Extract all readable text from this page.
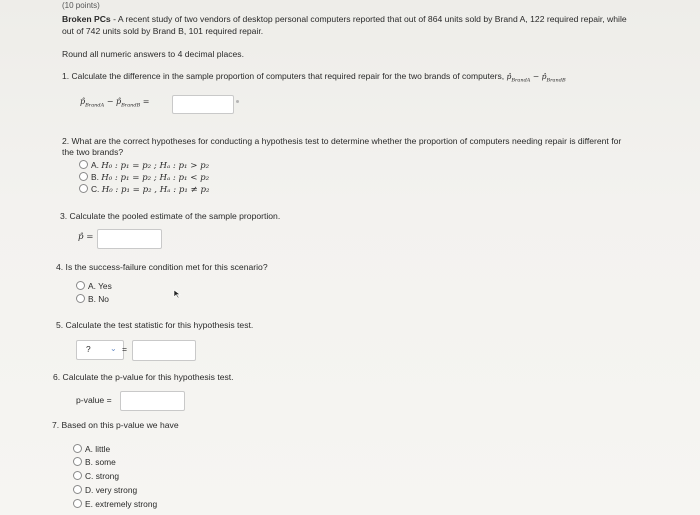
(10 points)
Broken PCs - A recent study of two vendors of desktop personal computers reported that out of 864 units sold by Brand A, 122 required repair, while
out of 742 units sold by Brand B, 101 required repair.
Round all numeric answers to 4 decimal places.
1. Calculate the difference in the sample proportion of computers that required repair for the two brands of computers, $p̂_{BrandA}$ − $p̂_{BrandB}$
$p̂_{BrandA}$ − $p̂_{BrandB}$ =
2. What are the correct hypotheses for conducting a hypothesis test to determine whether the proportion of computers needing repair is different for
the two brands?
A. H₀ : p₁ = p₂ ; Hₐ : p₁ > p₂
B. H₀ : p₁ = p₂ ; Hₐ : p₁ < p₂
C. H₀ : p₁ = p₂ , Hₐ : p₁ ≠ p₂
3. Calculate the pooled estimate of the sample proportion.
p̂ =
4. Is the success-failure condition met for this scenario?
A. Yes
B. No
5. Calculate the test statistic for this hypothesis test.
? ⌄ =
6. Calculate the p-value for this hypothesis test.
p-value =
7. Based on this p-value we have
A. little
B. some
C. strong
D. very strong
E. extremely strong
